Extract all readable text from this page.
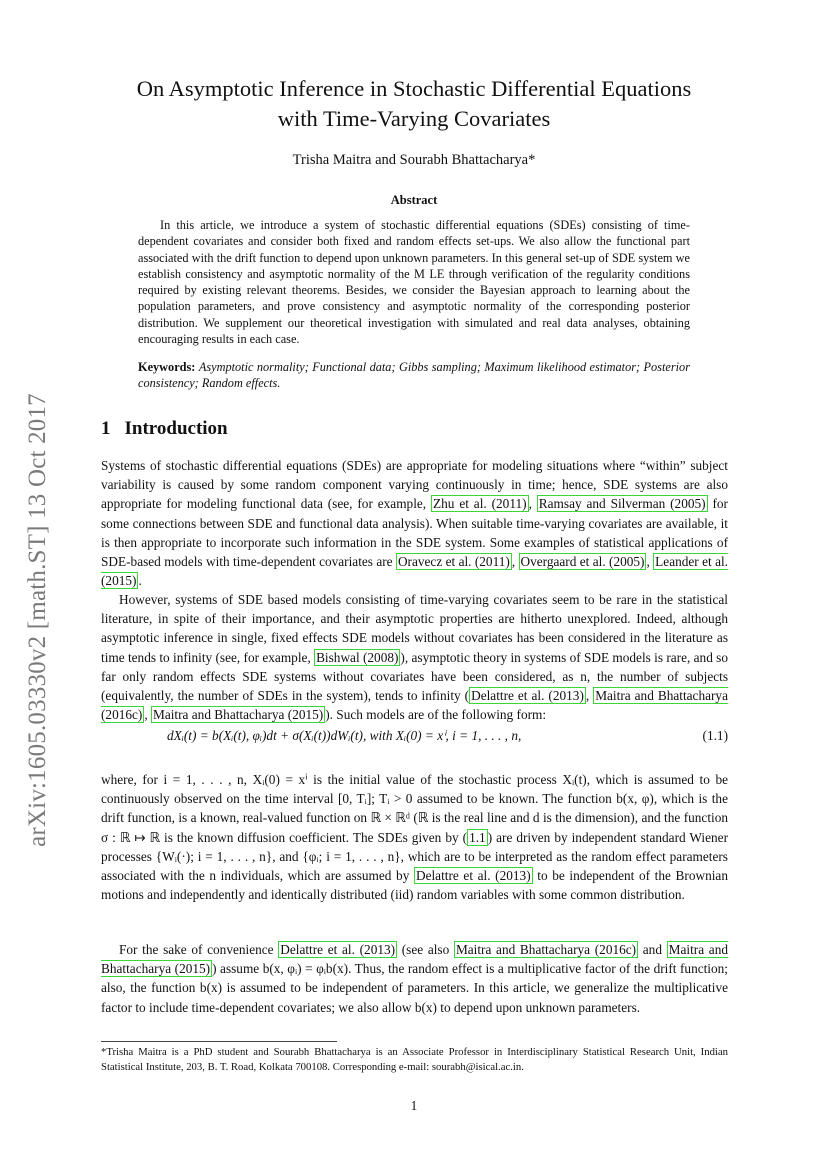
arXiv:1605.03330v2 [math.ST] 13 Oct 2017
On Asymptotic Inference in Stochastic Differential Equations
with Time-Varying Covariates
Trisha Maitra and Sourabh Bhattacharya*
Abstract

In this article, we introduce a system of stochastic differential equations (SDEs) consisting of time-dependent covariates and consider both fixed and random effects set-ups. We also allow the functional part associated with the drift function to depend upon unknown parameters. In this general set-up of SDE system we establish consistency and asymptotic normality of the M LE through verification of the regularity conditions required by existing relevant theorems. Besides, we consider the Bayesian approach to learning about the population parameters, and prove consistency and asymptotic normality of the corresponding posterior distribution. We supplement our theoretical investigation with simulated and real data analyses, obtaining encouraging results in each case.

Keywords: Asymptotic normality; Functional data; Gibbs sampling; Maximum likelihood estimator; Posterior consistency; Random effects.
1 Introduction

Systems of stochastic differential equations (SDEs) are appropriate for modeling situations where “within” subject variability is caused by some random component varying continuously in time; hence, SDE systems are also appropriate for modeling functional data (see, for example, Zhu et al. (2011) , Ramsay and Silverman (2005) for some connections between SDE and functional data analysis). When suitable time-varying covariates are available, it is then appropriate to incorporate such information in the SDE system. Some examples of statistical applications of SDE-based models with time-dependent covariates are Oravecz et al. (2011) , Overgaard et al. (2005) , Leander et al. (2015) .

However, systems of SDE based models consisting of time-varying covariates seem to be rare in the statistical literature, in spite of their importance, and their asymptotic properties are hitherto unexplored. Indeed, although asymptotic inference in single, fixed effects SDE models without covariates has been considered in the literature as time tends to infinity (see, for example, Bishwal (2008) ), asymptotic theory in systems of SDE models is rare, and so far only random effects SDE systems without covariates have been considered, as n, the number of subjects (equivalently, the number of SDEs in the system), tends to infinity ( Delattre et al. (2013) , Maitra and Bhattacharya (2016c) , Maitra and Bhattacharya (2015) ). Such models are of the following form:

dXᵢ(t) = b(Xᵢ(t), φᵢ)dt + σ(Xᵢ(t))dWᵢ(t), with Xᵢ(0) = xⁱ, i = 1, . . . , n,	(1.1)

where, for i = 1, . . . , n, Xᵢ(0) = xⁱ is the initial value of the stochastic process Xᵢ(t), which is assumed to be continuously observed on the time interval [0, Tᵢ]; Tᵢ > 0 assumed to be known. The function b(x, φ), which is the drift function, is a known, real-valued function on ℝ × ℝᵈ (ℝ is the real line and d is the dimension), and the function σ : ℝ ↦ ℝ is the known diffusion coefficient. The SDEs given by ( 1.1 ) are driven by independent standard Wiener processes {Wᵢ(·); i = 1, . . . , n}, and {φᵢ; i = 1, . . . , n}, which are to be interpreted as the random effect parameters associated with the n individuals, which are assumed by Delattre et al. (2013) to be independent of the Brownian motions and independently and identically distributed (iid) random variables with some common distribution.

For the sake of convenience Delattre et al. (2013) (see also Maitra and Bhattacharya (2016c) and Maitra and Bhattacharya (2015) ) assume b(x, φᵢ) = φᵢb(x). Thus, the random effect is a multiplicative factor of the drift function; also, the function b(x) is assumed to be independent of parameters. In this article, we generalize the multiplicative factor to include time-dependent covariates; we also allow b(x) to depend upon unknown parameters.

*Trisha Maitra is a PhD student and Sourabh Bhattacharya is an Associate Professor in Interdisciplinary Statistical Research Unit, Indian Statistical Institute, 203, B. T. Road, Kolkata 700108. Corresponding e-mail: sourabh@isical.ac.in.
1
